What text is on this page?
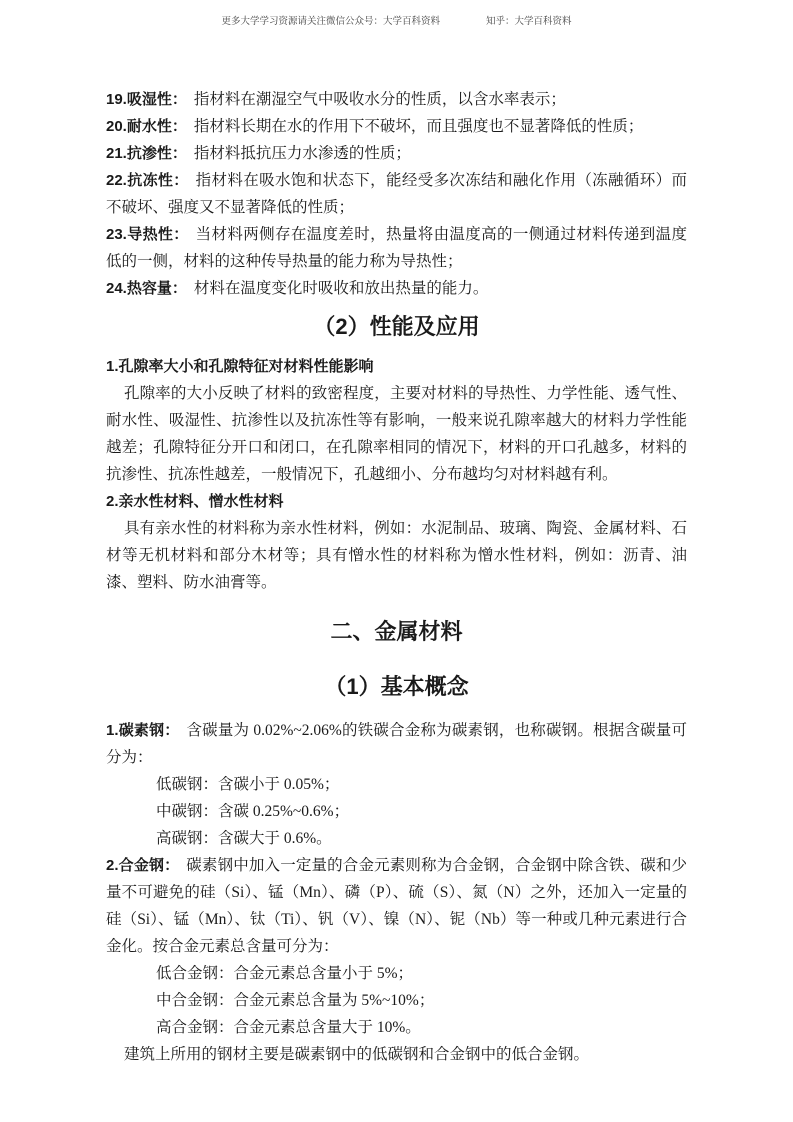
更多大学学习资源请关注微信公众号：大学百科资料	知乎：大学百科资料

19.吸湿性： 指材料在潮湿空气中吸收水分的性质，以含水率表示；

20.耐水性： 指材料长期在水的作用下不破坏，而且强度也不显著降低的性质；

21.抗渗性： 指材料抵抗压力水渗透的性质；

22.抗冻性： 指材料在吸水饱和状态下，能经受多次冻结和融化作用（冻融循环）而不破坏、强度又不显著降低的性质；

23.导热性： 当材料两侧存在温度差时，热量将由温度高的一侧通过材料传递到温度低的一侧，材料的这种传导热量的能力称为导热性；

24.热容量： 材料在温度变化时吸收和放出热量的能力。

（2）性能及应用

1.孔隙率大小和孔隙特征对材料性能影响

孔隙率的大小反映了材料的致密程度，主要对材料的导热性、力学性能、透气性、耐水性、吸湿性、抗渗性以及抗冻性等有影响，一般来说孔隙率越大的材料力学性能越差；孔隙特征分开口和闭口，在孔隙率相同的情况下，材料的开口孔越多，材料的抗渗性、抗冻性越差，一般情况下，孔越细小、分布越均匀对材料越有利。

2.亲水性材料、憎水性材料

具有亲水性的材料称为亲水性材料，例如：水泥制品、玻璃、陶瓷、金属材料、石材等无机材料和部分木材等；具有憎水性的材料称为憎水性材料，例如：沥青、油漆、塑料、防水油膏等。

二、金属材料
（1）基本概念

1.碳素钢： 含碳量为 0.02%~2.06%的铁碳合金称为碳素钢，也称碳钢。根据含碳量可分为：

低碳钢：含碳小于 0.05%；

中碳钢：含碳 0.25%~0.6%；

高碳钢：含碳大于 0.6%。

2.合金钢： 碳素钢中加入一定量的合金元素则称为合金钢，合金钢中除含铁、碳和少量不可避免的硅（Si）、锰（Mn）、磷（P）、硫（S）、氮（N）之外，还加入一定量的硅（Si）、锰（Mn）、钛（Ti）、钒（V）、镍（N）、铌（Nb）等一种或几种元素进行合金化。按合金元素总含量可分为：

低合金钢：合金元素总含量小于 5%；

中合金钢：合金元素总含量为 5%~10%；

高合金钢：合金元素总含量大于 10%。

建筑上所用的钢材主要是碳素钢中的低碳钢和合金钢中的低合金钢。
